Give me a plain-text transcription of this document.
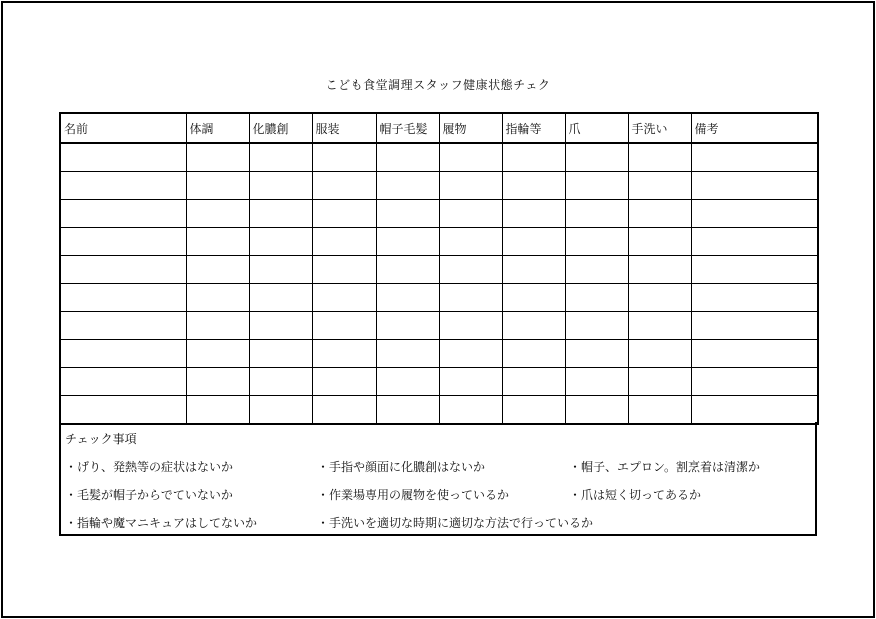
こども食堂調理スタッフ健康状態チェク
名前	体調	化膿創	服装	帽子毛髪	履物	指輪等	爪	手洗い	備考

チェック事項
・げり、発熱等の症状はないか	・手指や顔面に化膿創はないか	・帽子、エプロン。割烹着は清潔か
・毛髪が帽子からでていないか	・作業場専用の履物を使っているか	・爪は短く切ってあるか
・指輪や魔マニキュアはしてないか	・手洗いを適切な時期に適切な方法で行っているか
